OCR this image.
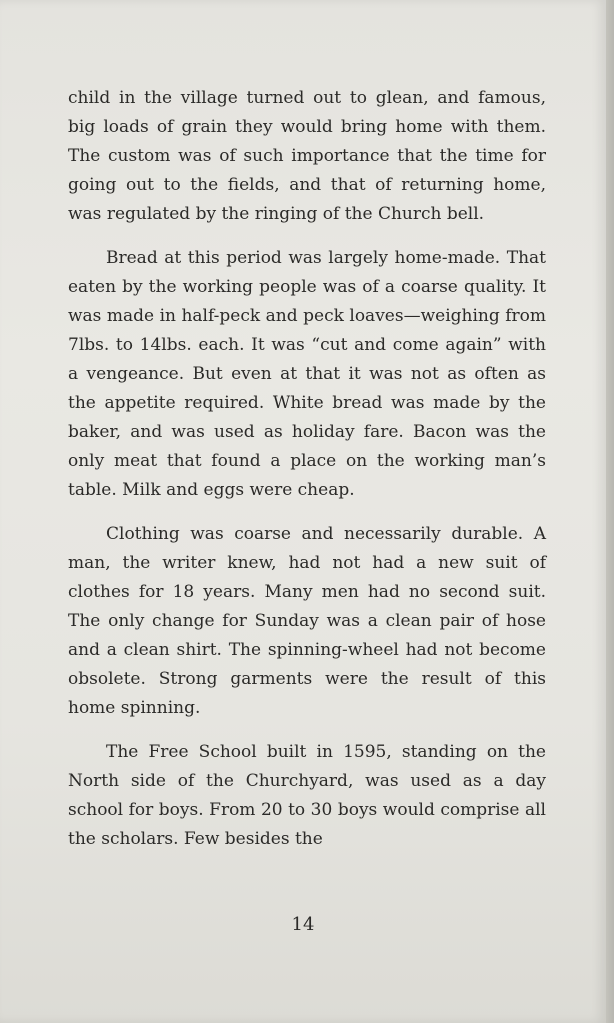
child in the village turned out to glean, and famous, big loads of grain they would bring home with them. The custom was of such importance that the time for going out to the fields, and that of returning home, was regulated by the ringing of the Church bell.

Bread at this period was largely home-made. That eaten by the working people was of a coarse quality. It was made in half-peck and peck loaves—weighing from 7lbs. to 14lbs. each. It was “cut and come again” with a vengeance. But even at that it was not as often as the appetite required. White bread was made by the baker, and was used as holiday fare. Bacon was the only meat that found a place on the working man’s table. Milk and eggs were cheap.

Clothing was coarse and necessarily durable. A man, the writer knew, had not had a new suit of clothes for 18 years. Many men had no second suit. The only change for Sunday was a clean pair of hose and a clean shirt. The spinning-wheel had not become obsolete. Strong garments were the result of this home spinning.

The Free School built in 1595, standing on the North side of the Churchyard, was used as a day school for boys. From 20 to 30 boys would comprise all the scholars. Few besides the

14
